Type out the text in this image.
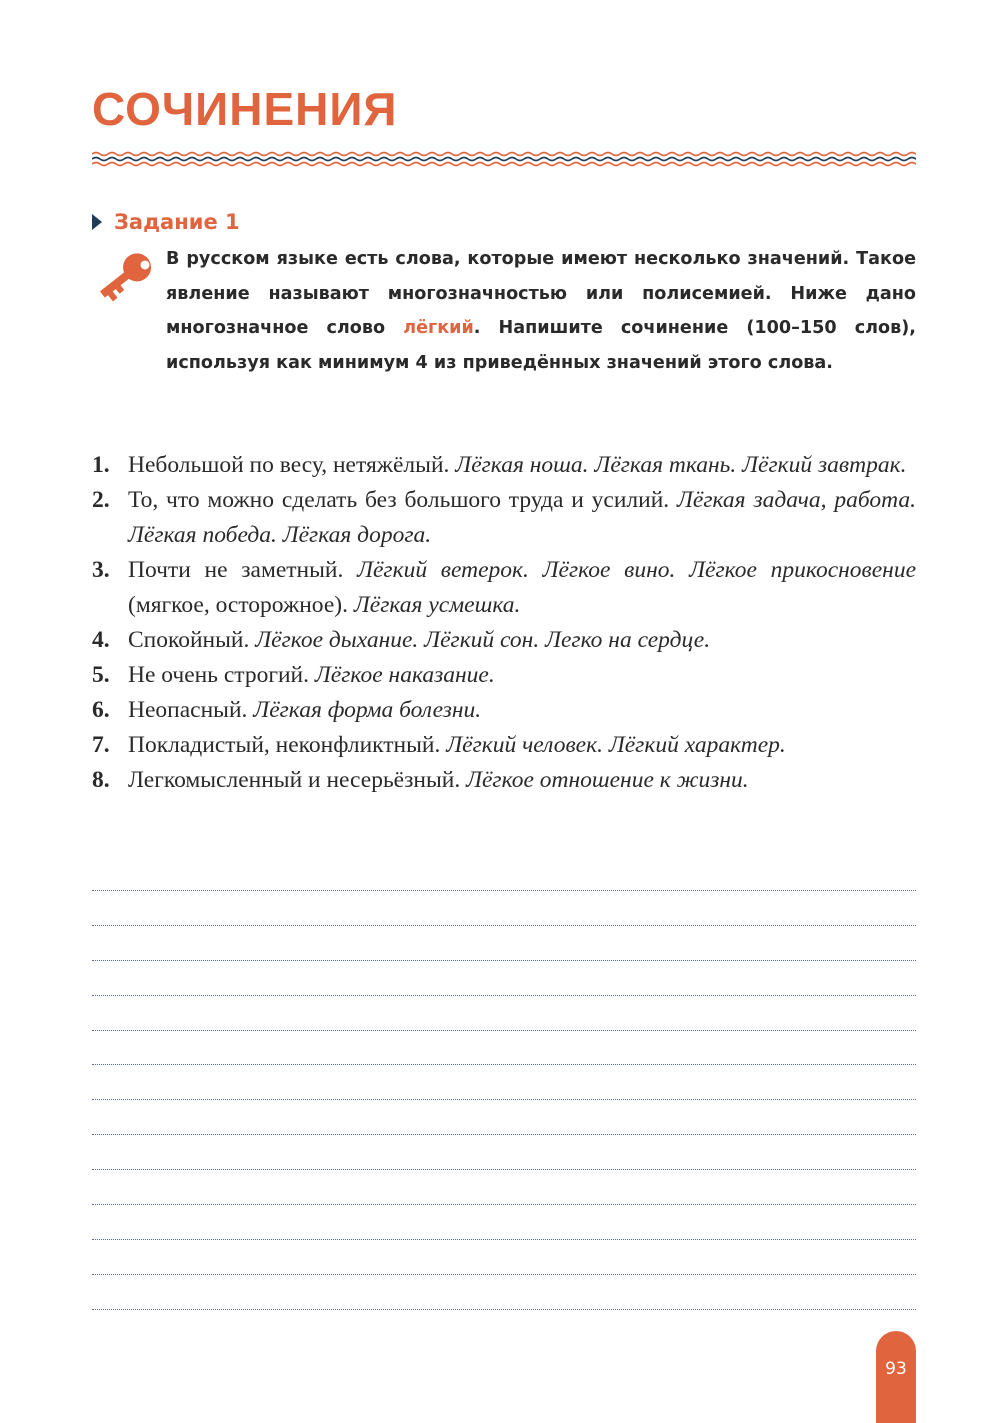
СОЧИНЕНИЯ
Задание 1

В русском языке есть слова, которые имеют несколько значений. Такое явление называют многозначностью или полисемией. Ниже дано многозначное слово лёгкий. Напишите сочинение (100–150 слов), используя как минимум 4 из приведённых значений этого слова.

1. Небольшой по весу, нетяжёлый. Лёгкая ноша. Лёгкая ткань. Лёгкий завтрак.
2. То, что можно сделать без большого труда и усилий. Лёгкая задача, работа. Лёгкая победа. Лёгкая дорога.
3. Почти не заметный. Лёгкий ветерок. Лёгкое вино. Лёгкое прикосновение (мягкое, осторожное). Лёгкая усмешка.
4. Спокойный. Лёгкое дыхание. Лёгкий сон. Легко на сердце.
5. Не очень строгий. Лёгкое наказание.
6. Неопасный. Лёгкая форма болезни.
7. Покладистый, неконфликтный. Лёгкий человек. Лёгкий характер.
8. Легкомысленный и несерьёзный. Лёгкое отношение к жизни.
93
